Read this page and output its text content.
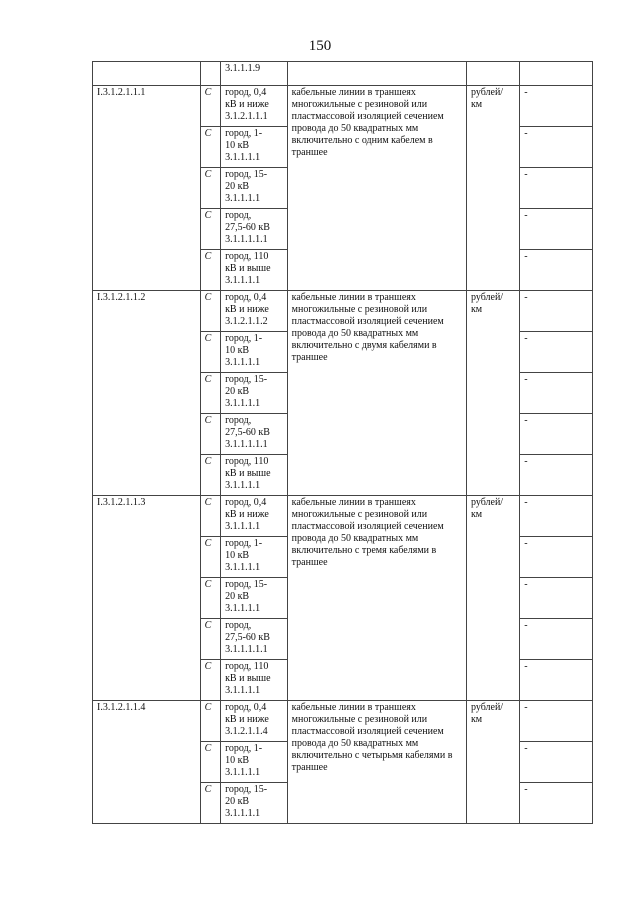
150

		3.1.1.1.9			

I.3.1.2.1.1.1	С	город, 0,4
кВ и ниже
3.1.2.1.1.1	кабельные линии в траншеях многожильные с резиновой или пластмассовой изоляцией сечением провода до 50 квадратных мм включительно с одним кабелем в траншее	рублей/ км	-
	С	город, 1-
10 кВ
3.1.1.1.1			-
	С	город, 15-
20 кВ
3.1.1.1.1			-
	С	город,
27,5-60 кВ
3.1.1.1.1.1			-
	С	город, 110
кВ и выше
3.1.1.1.1			-
I.3.1.2.1.1.2	С	город, 0,4
кВ и ниже
3.1.2.1.1.2	кабельные линии в траншеях многожильные с резиновой или пластмассовой изоляцией сечением провода до 50 квадратных мм включительно с двумя кабелями в траншее	рублей/ км	-
	С	город, 1-
10 кВ
3.1.1.1.1			-
	С	город, 15-
20 кВ
3.1.1.1.1			-
	С	город,
27,5-60 кВ
3.1.1.1.1.1			-
	С	город, 110
кВ и выше
3.1.1.1.1			-
I.3.1.2.1.1.3	С	город, 0,4
кВ и ниже
3.1.1.1.1	кабельные линии в траншеях многожильные с резиновой или пластмассовой изоляцией сечением провода до 50 квадратных мм включительно с тремя кабелями в траншее	рублей/ км	-
	С	город, 1-
10 кВ
3.1.1.1.1			-
	С	город, 15-
20 кВ
3.1.1.1.1			-
	С	город,
27,5-60 кВ
3.1.1.1.1.1			-
	С	город, 110
кВ и выше
3.1.1.1.1			-
I.3.1.2.1.1.4	С	город, 0,4
кВ и ниже
3.1.2.1.1.4	кабельные линии в траншеях многожильные с резиновой или пластмассовой изоляцией сечением провода до 50 квадратных мм включительно с четырьмя кабелями в траншее	рублей/ км	-
	С	город, 1-
10 кВ
3.1.1.1.1			-
	С	город, 15-
20 кВ
3.1.1.1.1			-
